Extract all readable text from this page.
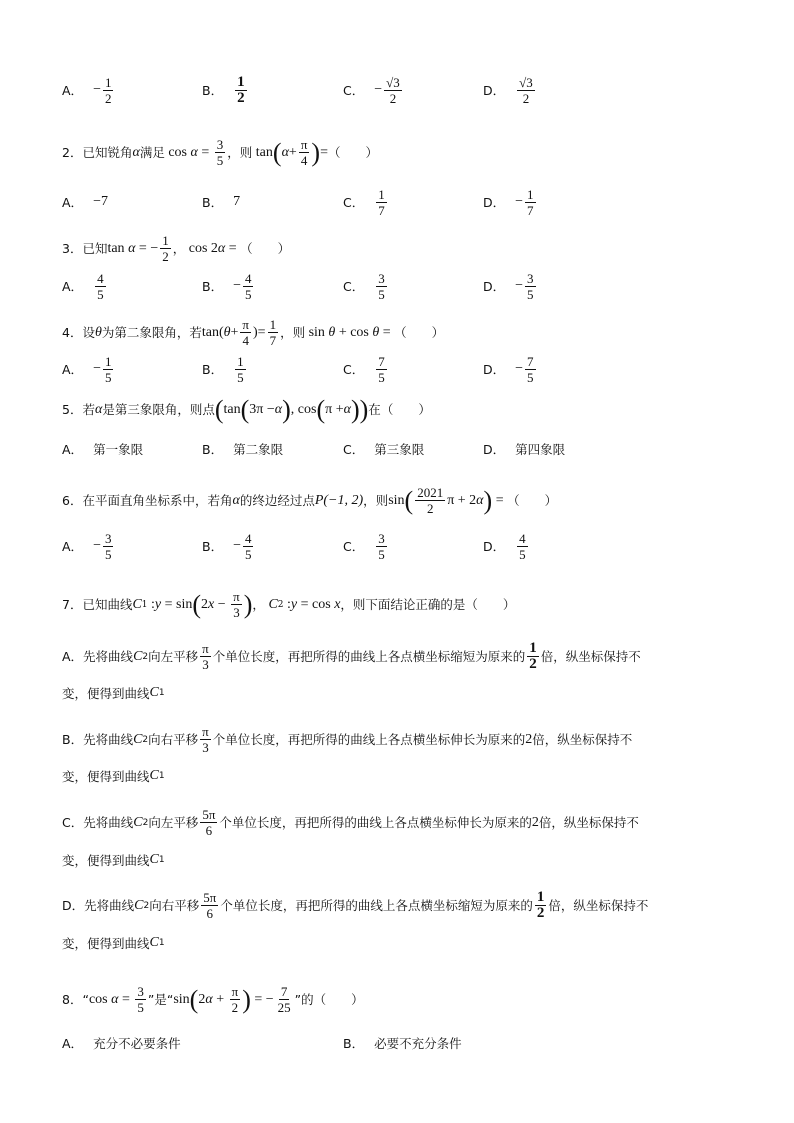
A． − $\frac{1}{2}$	B． $\frac{1}{2}$	C． − $\frac{√3}{2}$	D． $\frac{√3}{2}$
2．已知锐角 α 满足 $\cos \alpha = \frac{3}{5}$ ，则 tan ( $\alpha + \frac{\pi}{4}$ ) = （　　）
A． −7	B． 7	C． $\frac{1}{7}$	D． − $\frac{1}{7}$
3．已知 tan α = − $\frac{1}{2}$ ， cos 2 α = （　　）
A． $\frac{4}{5}$	B． − $\frac{4}{5}$	C． $\frac{3}{5}$	D． − $\frac{3}{5}$
4．设 θ 为第二象限角，若 tan( $\theta + \frac{\pi}{4}$ )= $\frac{1}{7}$ ，则 sin θ + cos θ = （　　）
A． − $\frac{1}{5}$	B． $\frac{1}{5}$	C． $\frac{7}{5}$	D． − $\frac{7}{5}$
5．若 α 是第三象限角，则点 ( tan ( 3π − α ) , cos ( π + α ) ) 在 （　　）
A． 第一象限	B． 第二象限	C． 第三象限	D． 第四象限
6．在平面直角坐标系中，若角 α 的终边经过点 P(−1, 2) ，则 sin ( $\frac{2021}{2}$ π + 2 α ) = （　　）
A． − $\frac{3}{5}$	B． − $\frac{4}{5}$	C． $\frac{3}{5}$	D． $\frac{4}{5}$
7．已知曲线 C 1 : y = sin ( 2 $x - \frac{\pi}{3}$ ) ， C 2 : y = cos x ，则下面结论正确的是（　　）
A．先将曲线 C 2 向左平移 $\frac{\pi}{3}$ 个单位长度，再把所得的曲线上各点横坐标缩短为原来的 $\frac{1}{2}$ 倍，纵坐标保持不
变，便得到曲线 C 1
B．先将曲线 C 2 向右平移 $\frac{\pi}{3}$ 个单位长度，再把所得的曲线上各点横坐标伸长为原来的 2 倍，纵坐标保持不
变，便得到曲线 C 1
C．先将曲线 C 2 向左平移 $\frac{5\pi}{6}$ 个单位长度，再把所得的曲线上各点横坐标伸长为原来的 2 倍，纵坐标保持不
变，便得到曲线 C 1
D．先将曲线 C 2 向右平移 $\frac{5\pi}{6}$ 个单位长度，再把所得的曲线上各点横坐标缩短为原来的 $\frac{1}{2}$ 倍，纵坐标保持不
变，便得到曲线 C 1
8．“ $\cos \alpha = \frac{3}{5}$ ”是“ sin ( 2 $\alpha + \frac{\pi}{2}$ ) = − $\frac{7}{25}$ ”的 （　　）
A． 充分不必要条件	B． 必要不充分条件
